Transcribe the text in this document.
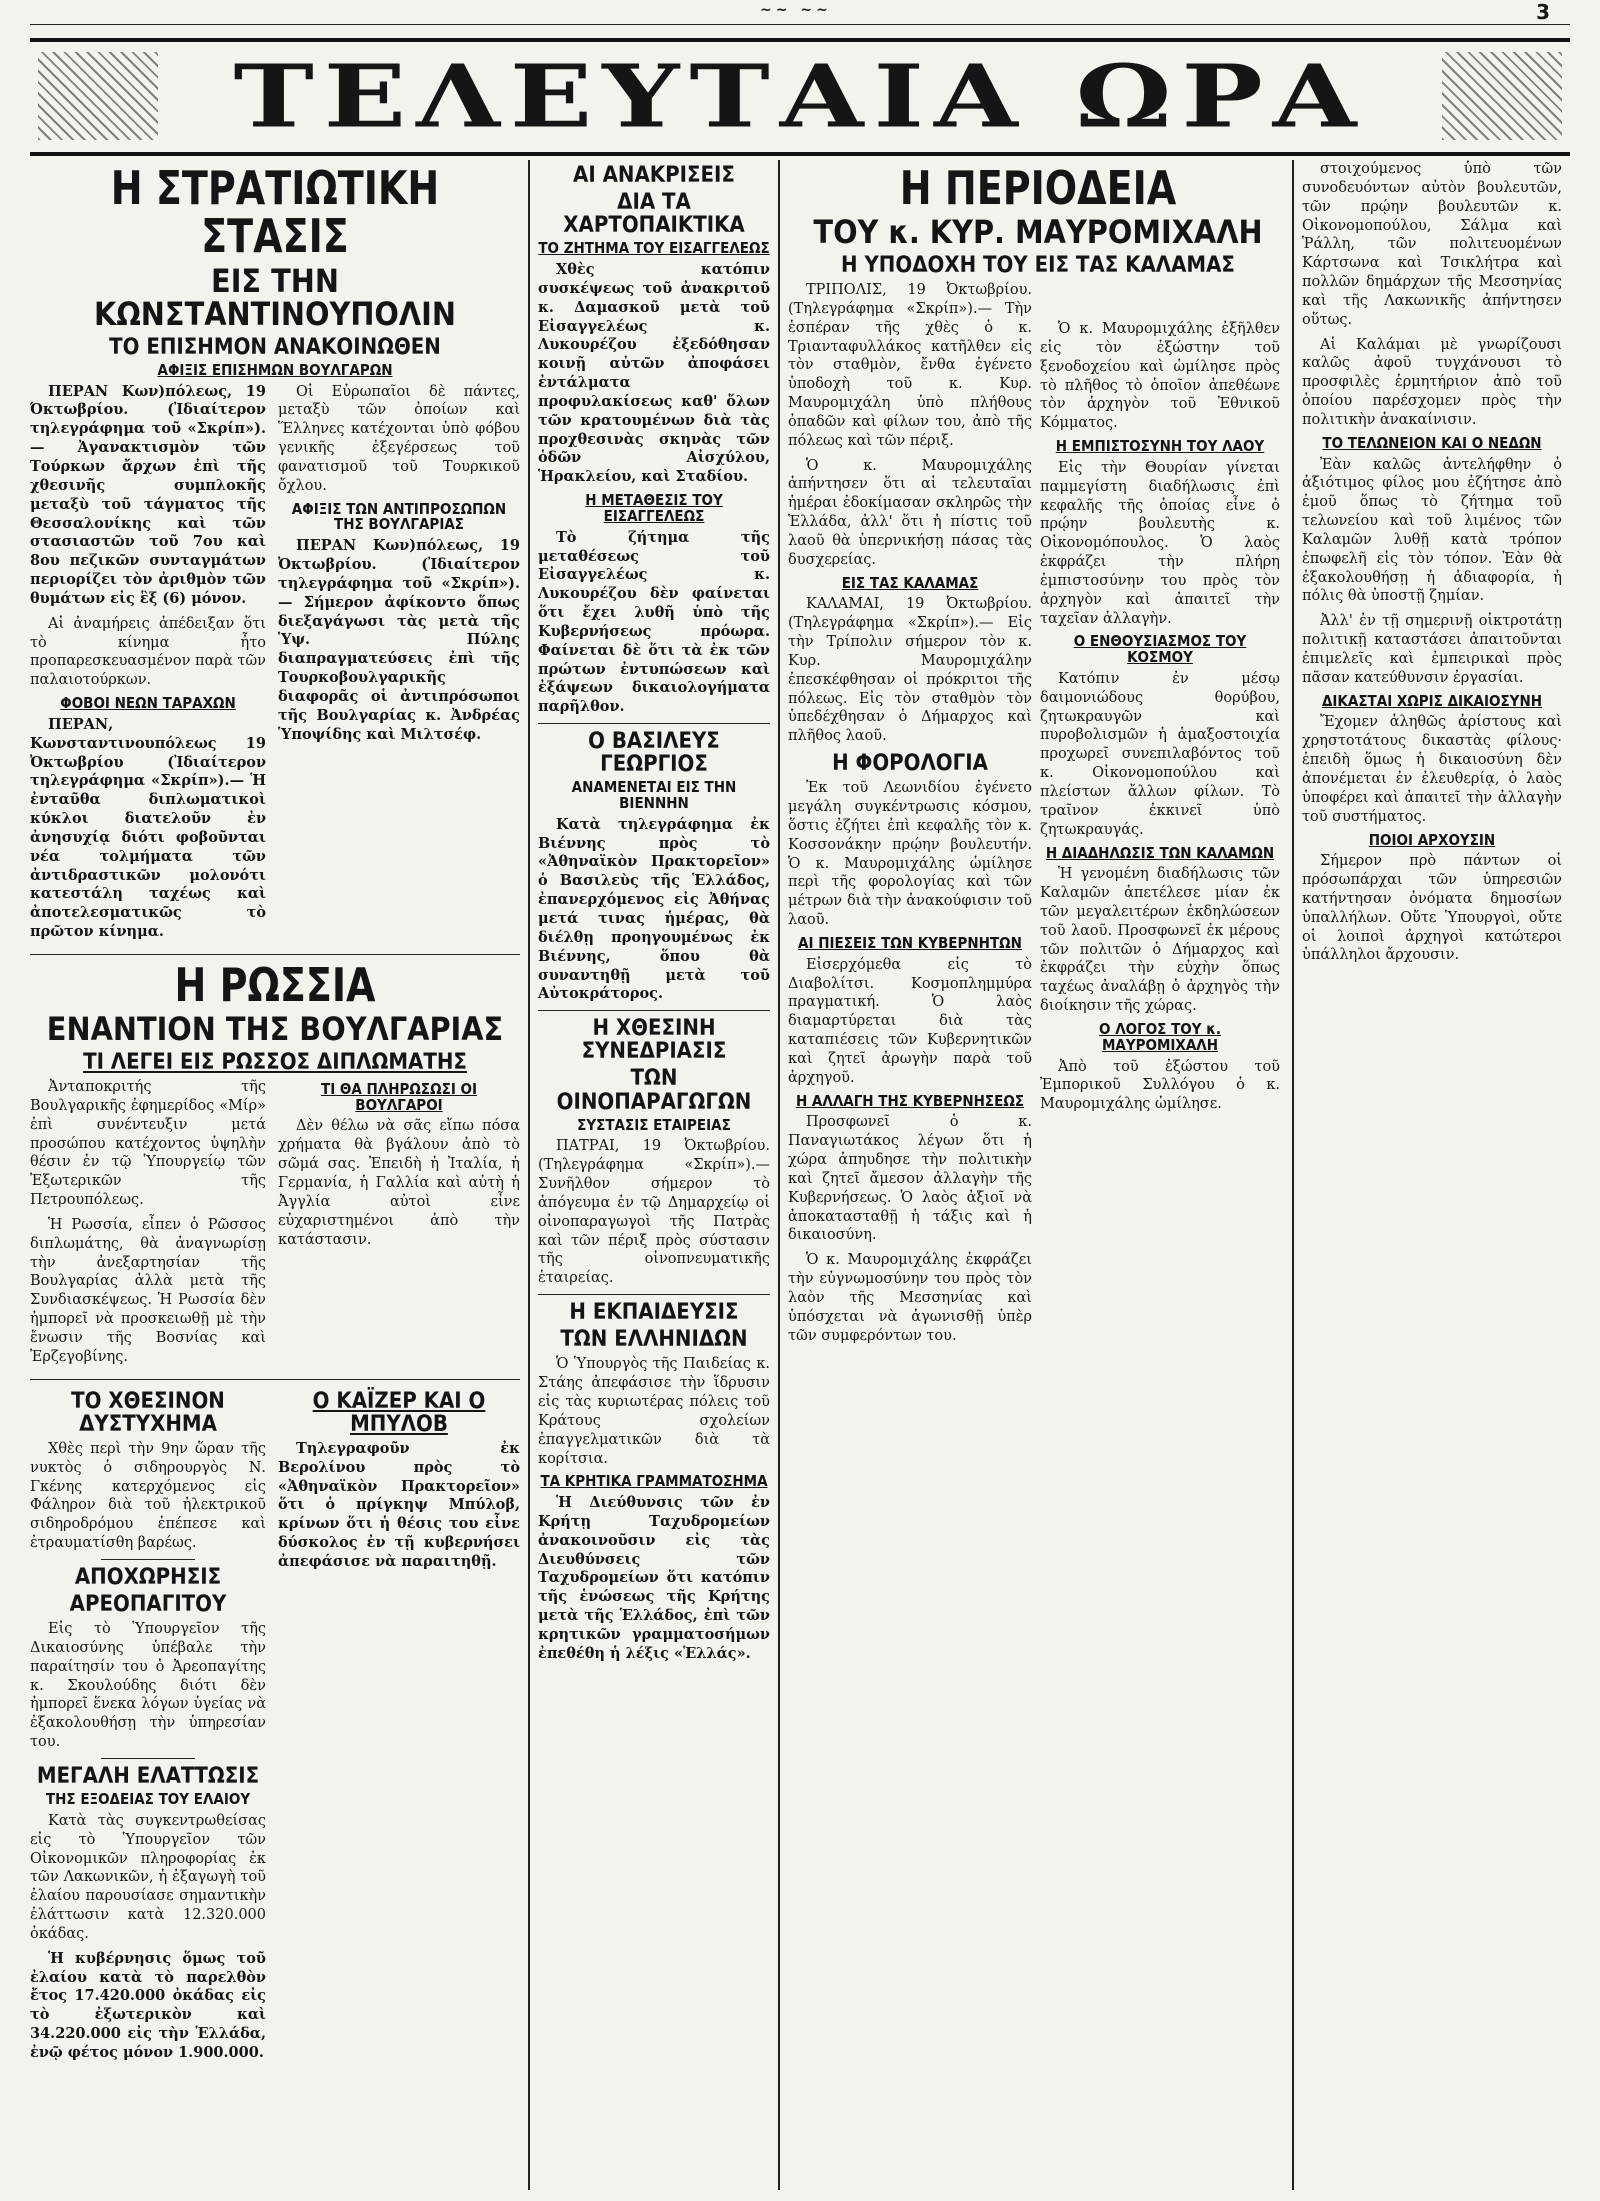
~~ ~~	3
ΤΕΛΕΥΤΑΙΑ ΩΡΑ
Η ΣΤΡΑΤΙΩΤΙΚΗ ΣΤΑΣΙΣ
ΕΙΣ ΤΗΝ ΚΩΝΣΤΑΝΤΙΝΟΥΠΟΛΙΝ
ΤΟ ΕΠΙΣΗΜΟΝ ΑΝΑΚΟΙΝΩΘΕΝ
ΑΦΙΞΙΣ ΕΠΙΣΗΜΩΝ ΒΟΥΛΓΑΡΩΝ

ΠΕΡΑΝ Κων)πόλεως, 19 Όκτωβρίου. (Ἰδιαίτερον τηλεγράφημα τοῦ «Σκρίπ»).— Ἀγανακτισμὸν τῶν Τούρκων ἄρχων ἐπὶ τῆς χθεσινῆς συμπλοκῆς μεταξὺ τοῦ τάγματος τῆς Θεσσαλονίκης καὶ τῶν στασιαστῶν τοῦ 7ου καὶ 8ου πεζικῶν συνταγμάτων περιορίζει τὸν ἀριθμὸν τῶν θυμάτων εἰς ἓξ (6) μόνον.

Αἱ ἀναμήρεις ἀπέδειξαν ὅτι τὸ κίνημα ἦτο προπαρεσκευασμένον παρὰ τῶν παλαιοτούρκων.

ΦΟΒΟΙ ΝΕΩΝ ΤΑΡΑΧΩΝ

ΠΕΡΑΝ, Κωνσταντινουπόλεως 19 Ὀκτωβρίου (Ἰδιαίτερον τηλεγράφημα «Σκρίπ»).— Ἡ ἐνταῦθα διπλωματικοὶ κύκλοι διατελοῦν ἐν ἀνησυχίᾳ διότι φοβοῦνται νέα τολμήματα τῶν ἀντιδραστικῶν μολονότι κατεστάλη ταχέως καὶ ἀποτελεσματικῶς τὸ πρῶτον κίνημα.

Οἱ Εὐρωπαῖοι δὲ πάντες, μεταξὺ τῶν ὁποίων καὶ Ἕλληνες κατέχονται ὑπὸ φόβου γενικῆς ἐξεγέρσεως τοῦ φανατισμοῦ τοῦ Τουρκικοῦ ὄχλου.

ΑΦΙΞΙΣ ΤΩΝ ΑΝΤΙΠΡΟΣΩΠΩΝ ΤΗΣ ΒΟΥΛΓΑΡΙΑΣ

ΠΕΡΑΝ Κων)πόλεως, 19 Ὀκτωβρίου. (Ἰδιαίτερον τηλεγράφημα τοῦ «Σκρίπ»).— Σήμερον ἀφίκοντο ὅπως διεξαγάγωσι τὰς μετὰ τῆς Ὑψ. Πύλης διαπραγματεύσεις ἐπὶ τῆς Τουρκοβουλγαρικῆς διαφορᾶς οἱ ἀντιπρόσωποι τῆς Βουλγαρίας κ. Ἀνδρέας Ὑποψίδης καὶ Μιλτσέφ.

Η ΡΩΣΣΙΑ
ΕΝΑΝΤΙΟΝ ΤΗΣ ΒΟΥΛΓΑΡΙΑΣ
ΤΙ ΛΕΓΕΙ ΕΙΣ ΡΩΣΣΟΣ ΔΙΠΛΩΜΑΤΗΣ

Ἀνταποκριτής τῆς Βουλγαρικῆς ἐφημερίδος «Μίρ» ἐπὶ συνέντευξιν μετά προσώπου κατέχοντος ὑψηλὴν θέσιν ἐν τῷ Ὑπουργείῳ τῶν Ἐξωτερικῶν τῆς Πετρουπόλεως.

Ἡ Ρωσσία, εἶπεν ὁ Ρῶσσος διπλωμάτης, θὰ ἀναγνωρίσῃ τὴν ἀνεξαρτησίαν τῆς Βουλγαρίας ἀλλὰ μετὰ τῆς Συνδιασκέψεως. Ἡ Ρωσσία δὲν ἠμπορεῖ νὰ προσκειωθῇ μὲ τὴν ἔνωσιν τῆς Βοσνίας καὶ Ἐρζεγοβίνης.

ΤΙ ΘΑ ΠΛΗΡΩΣΩΣΙ ΟΙ ΒΟΥΛΓΑΡΟΙ

Δὲν θέλω νὰ σᾶς εἴπω πόσα χρήματα θὰ βγάλουν ἀπὸ τὸ σῶμά σας. Ἐπειδὴ ἡ Ἰταλία, ἡ Γερμανία, ἡ Γαλλία καὶ αὐτὴ ἡ Ἀγγλία αὐτοὶ εἶνε εὐχαριστημένοι ἀπὸ τὴν κατάστασιν.

ΤΟ ΧΘΕΣΙΝΟΝ ΔΥΣΤΥΧΗΜΑ

Χθὲς περὶ τὴν 9ην ὥραν τῆς νυκτὸς ὁ σιδηρουργὸς Ν. Γκένης κατερχόμενος εἰς Φάληρον διὰ τοῦ ἠλεκτρικοῦ σιδηροδρόμου ἐπέπεσε καὶ ἐτραυματίσθη βαρέως.

ΑΠΟΧΩΡΗΣΙΣ
ΑΡΕΟΠΑΓΙΤΟΥ

Εἰς τὸ Ὑπουργεῖον τῆς Δικαιοσύνης ὑπέβαλε τὴν παραίτησίν του ὁ Ἀρεοπαγίτης κ. Σκουλούδης διότι δὲν ἠμπορεῖ ἕνεκα λόγων ὑγείας νὰ ἐξακολουθήσῃ τὴν ὑπηρεσίαν του.

ΜΕΓΑΛΗ ΕΛΑΤΤΩΣΙΣ
ΤΗΣ ΕΞΟΔΕΙΑΣ ΤΟΥ ΕΛΑΙΟΥ

Κατὰ τὰς συγκεντρωθείσας εἰς τὸ Ὑπουργεῖον τῶν Οἰκονομικῶν πληροφορίας ἐκ τῶν Λακωνικῶν, ἡ ἐξαγωγὴ τοῦ ἐλαίου παρουσίασε σημαντικὴν ἐλάττωσιν κατὰ 12.320.000 ὀκάδας.

Ἡ κυβέρνησις ὅμως τοῦ ἐλαίου κατὰ τὸ παρελθὸν ἔτος 17.420.000 ὀκάδας εἰς τὸ ἐξωτερικὸν καὶ 34.220.000 εἰς τὴν Ἑλλάδα, ἐνῷ φέτος μόνον 1.900.000.

Ο ΚΑΪΖΕΡ ΚΑΙ Ο ΜΠΥΛΟΒ

Τηλεγραφοῦν ἐκ Βερολίνου πρὸς τὸ «Ἀθηναϊκὸν Πρακτορεῖον» ὅτι ὁ πρίγκηψ Μπύλοβ, κρίνων ὅτι ἡ θέσις του εἶνε δύσκολος ἐν τῇ κυβερνήσει ἀπεφάσισε νὰ παραιτηθῇ.

ΑΙ ΑΝΑΚΡΙΣΕΙΣ
ΔΙΑ ΤΑ ΧΑΡΤΟΠΑΙΚΤΙΚΑ
ΤΟ ΖΗΤΗΜΑ ΤΟΥ ΕΙΣΑΓΓΕΛΕΩΣ

Χθὲς κατόπιν συσκέψεως τοῦ ἀνακριτοῦ κ. Δαμασκοῦ μετὰ τοῦ Εἰσαγγελέως κ. Λυκουρέζου ἐξεδόθησαν κοινῇ αὐτῶν ἀποφάσει ἐντάλματα προφυλακίσεως καθ' ὅλων τῶν κρατουμένων διὰ τὰς προχθεσινὰς σκηνὰς τῶν ὁδῶν Αἰσχύλου, Ἡρακλείου, καὶ Σταδίου.

Η ΜΕΤΑΘΕΣΙΣ ΤΟΥ ΕΙΣΑΓΓΕΛΕΩΣ

Τὸ ζήτημα τῆς μεταθέσεως τοῦ Εἰσαγγελέως κ. Λυκουρέζου δὲν φαίνεται ὅτι ἔχει λυθῆ ὑπὸ τῆς Κυβερνήσεως πρόωρα. Φαίνεται δὲ ὅτι τὰ ἐκ τῶν πρώτων ἐντυπώσεων καὶ ἐξάψεων δικαιολογήματα παρῆλθον.

Ο ΒΑΣΙΛΕΥΣ ΓΕΩΡΓΙΟΣ
ΑΝΑΜΕΝΕΤΑΙ ΕΙΣ ΤΗΝ ΒΙΕΝΝΗΝ

Κατὰ τηλεγράφημα ἐκ Βιέννης πρὸς τὸ «Ἀθηναϊκὸν Πρακτορεῖον» ὁ Βασιλεὺς τῆς Ἑλλάδος, ἐπανερχόμενος εἰς Ἀθήνας μετά τινας ἡμέρας, θὰ διέλθῃ προηγουμένως ἐκ Βιέννης, ὅπου θὰ συναντηθῇ μετὰ τοῦ Αὐτοκράτορος.

Η ΧΘΕΣΙΝΗ ΣΥΝΕΔΡΙΑΣΙΣ
ΤΩΝ ΟΙΝΟΠΑΡΑΓΩΓΩΝ
ΣΥΣΤΑΣΙΣ ΕΤΑΙΡΕΙΑΣ

ΠΑΤΡΑΙ, 19 Ὀκτωβρίου. (Τηλεγράφημα «Σκρίπ»).— Συνῆλθον σήμερον τὸ ἀπόγευμα ἐν τῷ Δημαρχείῳ οἱ οἰνοπαραγωγοὶ τῆς Πατρὰς καὶ τῶν πέριξ πρὸς σύστασιν τῆς οἰνοπνευματικῆς ἑταιρείας.

Η ΕΚΠΑΙΔΕΥΣΙΣ
ΤΩΝ ΕΛΛΗΝΙΔΩΝ

Ὁ Ὑπουργὸς τῆς Παιδείας κ. Στάης ἀπεφάσισε τὴν ἵδρυσιν εἰς τὰς κυριωτέρας πόλεις τοῦ Κράτους σχολείων ἐπαγγελματικῶν διὰ τὰ κορίτσια.

ΤΑ ΚΡΗΤΙΚΑ ΓΡΑΜΜΑΤΟΣΗΜΑ

Ἡ Διεύθυνσις τῶν ἐν Κρήτῃ Ταχυδρομείων ἀνακοινοῦσιν εἰς τὰς Διευθύνσεις τῶν Ταχυδρομείων ὅτι κατόπιν τῆς ἑνώσεως τῆς Κρήτης μετὰ τῆς Ἑλλάδος, ἐπὶ τῶν κρητικῶν γραμματοσήμων ἐπεθέθη ἡ λέξις «Ἑλλάς».

Η ΠΕΡΙΟΔΕΙΑ
ΤΟΥ κ. ΚΥΡ. ΜΑΥΡΟΜΙΧΑΛΗ
Η ΥΠΟΔΟΧΗ ΤΟΥ ΕΙΣ ΤΑΣ ΚΑΛΑΜΑΣ

ΤΡΙΠΟΛΙΣ, 19 Ὀκτωβρίου. (Τηλεγράφημα «Σκρίπ»).— Τὴν ἑσπέραν τῆς χθὲς ὁ κ. Τριανταφυλλάκος κατῆλθεν εἰς τὸν σταθμὸν, ἔνθα ἐγένετο ὑποδοχὴ τοῦ κ. Κυρ. Μαυρομιχάλη ὑπὸ πλήθους ὀπαδῶν καὶ φίλων του, ἀπὸ τῆς πόλεως καὶ τῶν πέριξ.

Ὁ κ. Μαυρομιχάλης ἀπήντησεν ὅτι αἱ τελευταῖαι ἡμέραι ἐδοκίμασαν σκληρῶς τὴν Ἑλλάδα, ἀλλ' ὅτι ἡ πίστις τοῦ λαοῦ θὰ ὑπερνικήσῃ πάσας τὰς δυσχερείας.

ΕΙΣ ΤΑΣ ΚΑΛΑΜΑΣ

ΚΑΛΑΜΑΙ, 19 Ὀκτωβρίου. (Τηλεγράφημα «Σκρίπ»).— Εἰς τὴν Τρίπολιν σήμερον τὸν κ. Κυρ. Μαυρομιχάλην ἐπεσκέφθησαν οἱ πρόκριτοι τῆς πόλεως. Εἰς τὸν σταθμὸν τὸν ὑπεδέχθησαν ὁ Δήμαρχος καὶ πλῆθος λαοῦ.

Η ΦΟΡΟΛΟΓΙΑ

Ἐκ τοῦ Λεωνιδίου ἐγένετο μεγάλη συγκέντρωσις κόσμου, ὅστις ἐζήτει ἐπὶ κεφαλῆς τὸν κ. Κοσσονάκην πρῴην βουλευτήν. Ὁ κ. Μαυρομιχάλης ὡμίλησε περὶ τῆς φορολογίας καὶ τῶν μέτρων διὰ τὴν ἀνακούφισιν τοῦ λαοῦ.

ΑΙ ΠΙΕΣΕΙΣ ΤΩΝ ΚΥΒΕΡΝΗΤΩΝ

Εἰσερχόμεθα εἰς τὸ Διαβολίτσι. Κοσμοπλημμύρα πραγματική. Ὁ λαὸς διαμαρτύρεται διὰ τὰς καταπιέσεις τῶν Κυβερνητικῶν καὶ ζητεῖ ἀρωγὴν παρὰ τοῦ ἀρχηγοῦ.

Η ΑΛΛΑΓΗ ΤΗΣ ΚΥΒΕΡΝΗΣΕΩΣ

Προσφωνεῖ ὁ κ. Παναγιωτάκος λέγων ὅτι ἡ χώρα ἀπηυδησε τὴν πολιτικὴν καὶ ζητεῖ ἄμεσον ἀλλαγὴν τῆς Κυβερνήσεως. Ὁ λαὸς ἀξιοῖ νὰ ἀποκατασταθῇ ἡ τάξις καὶ ἡ δικαιοσύνη.

Ὁ κ. Μαυρομιχάλης ἐκφράζει τὴν εὐγνωμοσύνην του πρὸς τὸν λαὸν τῆς Μεσσηνίας καὶ ὑπόσχεται νὰ ἀγωνισθῇ ὑπὲρ τῶν συμφερόντων του.

Ὁ κ. Μαυρομιχάλης ἐξῆλθεν εἰς τὸν ἐξώστην τοῦ ξενοδοχείου καὶ ὡμίλησε πρὸς τὸ πλῆθος τὸ ὁποῖον ἀπεθέωνε τὸν ἀρχηγὸν τοῦ Ἐθνικοῦ Κόμματος.

Η ΕΜΠΙΣΤΟΣΥΝΗ ΤΟΥ ΛΑΟΥ

Εἰς τὴν Θουρίαν γίνεται παμμεγίστη διαδήλωσις ἐπὶ κεφαλῆς τῆς ὁποίας εἶνε ὁ πρῴην βουλευτὴς κ. Οἰκονομόπουλος. Ὁ λαὸς ἐκφράζει τὴν πλήρη ἐμπιστοσύνην του πρὸς τὸν ἀρχηγὸν καὶ ἀπαιτεῖ τὴν ταχεῖαν ἀλλαγὴν.

Ο ΕΝΘΟΥΣΙΑΣΜΟΣ ΤΟΥ ΚΟΣΜΟΥ

Κατόπιν ἐν μέσῳ δαιμονιώδους θορύβου, ζητωκραυγῶν καὶ πυροβολισμῶν ἡ ἁμαξοστοιχία προχωρεῖ συνεπιλαβόντος τοῦ κ. Οἰκονομοπούλου καὶ πλείστων ἄλλων φίλων. Τὸ τραῖνον ἐκκινεῖ ὑπὸ ζητωκραυγάς.

Η ΔΙΑΔΗΛΩΣΙΣ ΤΩΝ ΚΑΛΑΜΩΝ

Ἡ γενομένη διαδήλωσις τῶν Καλαμῶν ἀπετέλεσε μίαν ἐκ τῶν μεγαλειτέρων ἐκδηλώσεων τοῦ λαοῦ. Προσφωνεῖ ἐκ μέρους τῶν πολιτῶν ὁ Δήμαρχος καὶ ἐκφράζει τὴν εὐχὴν ὅπως ταχέως ἀναλάβῃ ὁ ἀρχηγὸς τὴν διοίκησιν τῆς χώρας.

Ο ΛΟΓΟΣ ΤΟΥ κ. ΜΑΥΡΟΜΙΧΑΛΗ

Ἀπὸ τοῦ ἐξώστου τοῦ Ἐμπορικοῦ Συλλόγου ὁ κ. Μαυρομιχάλης ὡμίλησε.

στοιχούμενος ὑπὸ τῶν συνοδευόντων αὐτὸν βουλευτῶν, τῶν πρῴην βουλευτῶν κ. Οἰκονομοπούλου, Σάλμα καὶ Ῥάλλη, τῶν πολιτευομένων Κάρτσωνα καὶ Τσικλήτρα καὶ πολλῶν δημάρχων τῆς Μεσσηνίας καὶ τῆς Λακωνικῆς ἀπήντησεν οὕτως.

Αἱ Καλάμαι μὲ γνωρίζουσι καλῶς ἀφοῦ τυγχάνουσι τὸ προσφιλὲς ἐρμητήριον ἀπὸ τοῦ ὁποίου παρέσχομεν πρὸς τὴν πολιτικὴν ἀνακαίνισιν.

ΤΟ ΤΕΛΩΝΕΙΟΝ ΚΑΙ Ο ΝΕΔΩΝ

Ἐὰν καλῶς ἀντελήφθην ὁ ἀξιότιμος φίλος μου ἐζήτησε ἀπὸ ἐμοῦ ὅπως τὸ ζήτημα τοῦ τελωνείου καὶ τοῦ λιμένος τῶν Καλαμῶν λυθῇ κατὰ τρόπον ἐπωφελῆ εἰς τὸν τόπον. Ἐὰν θὰ ἐξακολουθήσῃ ἡ ἀδιαφορία, ἡ πόλις θὰ ὑποστῇ ζημίαν.

Ἀλλ' ἐν τῇ σημερινῇ οἰκτροτάτῃ πολιτικῇ καταστάσει ἀπαιτοῦνται ἐπιμελεῖς καὶ ἐμπειρικαὶ πρὸς πᾶσαν κατεύθυνσιν ἐργασίαι.

ΔΙΚΑΣΤΑΙ ΧΩΡΙΣ ΔΙΚΑΙΟΣΥΝΗ

Ἔχομεν ἀληθῶς ἀρίστους καὶ χρηστοτάτους δικαστὰς φίλους· ἐπειδὴ ὅμως ἡ δικαιοσύνη δὲν ἀπονέμεται ἐν ἐλευθερίᾳ, ὁ λαὸς ὑποφέρει καὶ ἀπαιτεῖ τὴν ἀλλαγὴν τοῦ συστήματος.

ΠΟΙΟΙ ΑΡΧΟΥΣΙΝ

Σήμερον πρὸ πάντων οἱ πρόσωπάρχαι τῶν ὑπηρεσιῶν κατήντησαν ὀνόματα δημοσίων ὑπαλλήλων. Οὔτε Ὑπουργοὶ, οὔτε οἱ λοιποὶ ἀρχηγοὶ κατώτεροι ὑπάλληλοι ἄρχουσιν.
